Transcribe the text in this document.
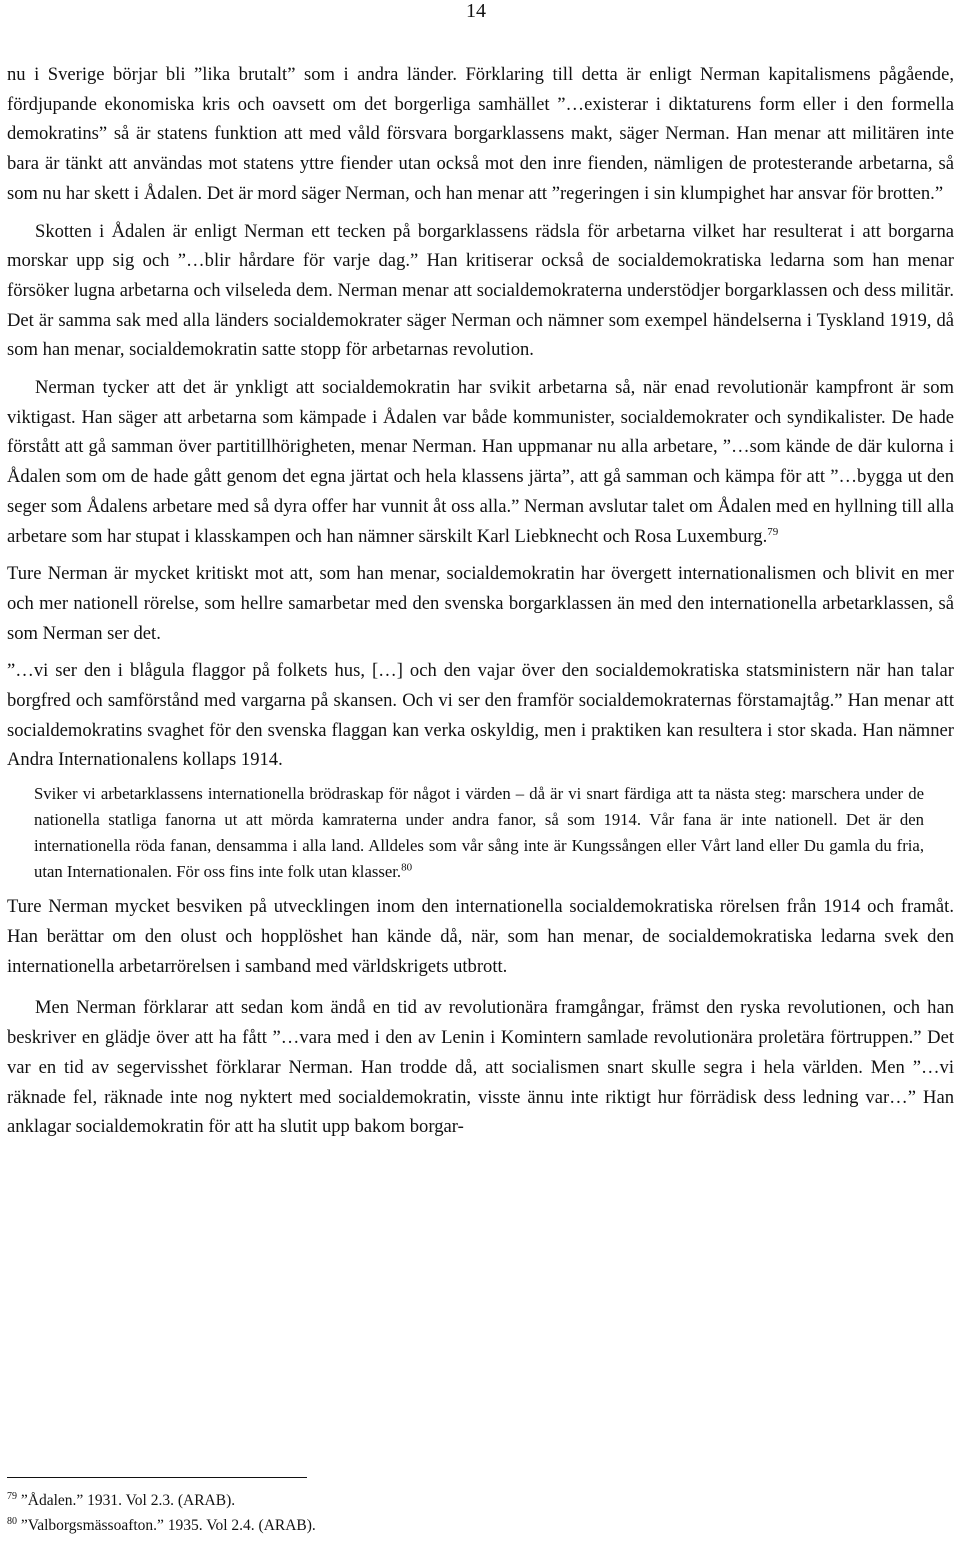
14

nu i Sverige börjar bli ”lika brutalt” som i andra länder. Förklaring till detta är enligt Nerman kapitalismens pågående, fördjupande ekonomiska kris och oavsett om det borgerliga samhället ”…existerar i diktaturens form eller i den formella demokratins” så är statens funktion att med våld försvara borgarklassens makt, säger Nerman. Han menar att militären inte bara är tänkt att användas mot statens yttre fiender utan också mot den inre fienden, nämligen de protesterande arbetarna, så som nu har skett i Ådalen. Det är mord säger Nerman, och han menar att ”regeringen i sin klumpighet har ansvar för brotten.”

Skotten i Ådalen är enligt Nerman ett tecken på borgarklassens rädsla för arbetarna vilket har resulterat i att borgarna morskar upp sig och ”…blir hårdare för varje dag.” Han kritiserar också de socialdemokratiska ledarna som han menar försöker lugna arbetarna och vilseleda dem. Nerman menar att socialdemokraterna understödjer borgarklassen och dess militär. Det är samma sak med alla länders socialdemokrater säger Nerman och nämner som exempel händelserna i Tyskland 1919, då som han menar, socialdemokratin satte stopp för arbetarnas revolution.

Nerman tycker att det är ynkligt att socialdemokratin har svikit arbetarna så, när enad revolutionär kampfront är som viktigast. Han säger att arbetarna som kämpade i Ådalen var både kommunister, socialdemokrater och syndikalister. De hade förstått att gå samman över partitillhörigheten, menar Nerman. Han uppmanar nu alla arbetare, ”…som kände de där kulorna i Ådalen som om de hade gått genom det egna järtat och hela klassens järta”, att gå samman och kämpa för att ”…bygga ut den seger som Ådalens arbetare med så dyra offer har vunnit åt oss alla.” Nerman avslutar talet om Ådalen med en hyllning till alla arbetare som har stupat i klasskampen och han nämner särskilt Karl Liebknecht och Rosa Luxemburg.$^{79}$

Ture Nerman är mycket kritiskt mot att, som han menar, socialdemokratin har övergett internationalismen och blivit en mer och mer nationell rörelse, som hellre samarbetar med den svenska borgarklassen än med den internationella arbetarklassen, så som Nerman ser det.

”…vi ser den i blågula flaggor på folkets hus, […] och den vajar över den socialdemokratiska statsministern när han talar borgfred och samförstånd med vargarna på skansen. Och vi ser den framför socialdemokraternas förstamajtåg.” Han menar att socialdemokratins svaghet för den svenska flaggan kan verka oskyldig, men i praktiken kan resultera i stor skada. Han nämner Andra Internationalens kollaps 1914.

Sviker vi arbetarklassens internationella brödraskap för något i värden – då är vi snart färdiga att ta nästa steg: marschera under de nationella statliga fanorna ut att mörda kamraterna under andra fanor, så som 1914. Vår fana är inte nationell. Det är den internationella röda fanan, densamma i alla land. Alldeles som vår sång inte är Kungssången eller Vårt land eller Du gamla du fria, utan Internationalen. För oss fins inte folk utan klasser.$^{80}$

Ture Nerman mycket besviken på utvecklingen inom den internationella socialdemokratiska rörelsen från 1914 och framåt. Han berättar om den olust och hopplöshet han kände då, när, som han menar, de socialdemokratiska ledarna svek den internationella arbetarrörelsen i samband med världskrigets utbrott.

Men Nerman förklarar att sedan kom ändå en tid av revolutionära framgångar, främst den ryska revolutionen, och han beskriver en glädje över att ha fått ”…vara med i den av Lenin i Komintern samlade revolutionära proletära förtruppen.” Det var en tid av segervisshet förklarar Nerman. Han trodde då, att socialismen snart skulle segra i hela världen. Men ”…vi räknade fel, räknade inte nog nyktert med socialdemokratin, visste ännu inte riktigt hur förrädisk dess ledning var…” Han anklagar socialdemokratin för att ha slutit upp bakom borgar-

$^{79}$ ”Ådalen.” 1931. Vol 2.3. (ARAB).
$^{80}$ ”Valborgsmässoafton.” 1935. Vol 2.4. (ARAB).
